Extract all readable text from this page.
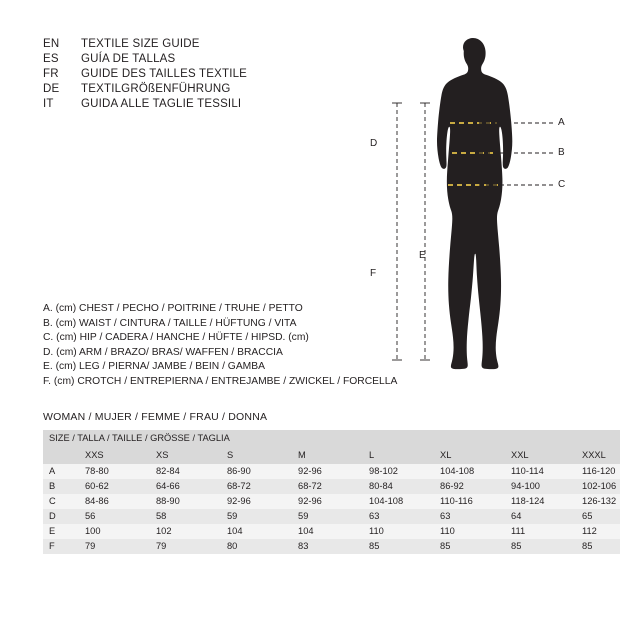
EN	TEXTILE SIZE GUIDE
ES	GUÍA DE TALLAS
FR	GUIDE DES TAILLES TEXTILE
DE	TEXTILGRÖßENFÜHRUNG
IT	GUIDA ALLE TAGLIE TESSILI
A. (cm) CHEST / PECHO / POITRINE / TRUHE / PETTO
B. (cm) WAIST / CINTURA / TAILLE / HÜFTUNG / VITA
C. (cm) HIP / CADERA / HANCHE / HÜFTE / HIPSD. (cm)
D. (cm) ARM / BRAZO/ BRAS/ WAFFEN / BRACCIA
E. (cm) LEG / PIERNA/ JAMBE / BEIN / GAMBA
F. (cm) CROTCH / ENTREPIERNA / ENTREJAMBE / ZWICKEL / FORCELLA
WOMAN / MUJER / FEMME / FRAU / DONNA
SIZE / TALLA / TAILLE / GRÖSSE / TAGLIA								
	XXS	XS	S	M	L	XL	XXL	XXXL
A	78-80	82-84	86-90	92-96	98-102	104-108	110-114	116-120
B	60-62	64-66	68-72	68-72	80-84	86-92	94-100	102-106
C	84-86	88-90	92-96	92-96	104-108	110-116	118-124	126-132
D	56	58	59	59	63	63	64	65
E	100	102	104	104	110	110	111	112
F	79	79	80	83	85	85	85	85
A
B
C
D
E
F
